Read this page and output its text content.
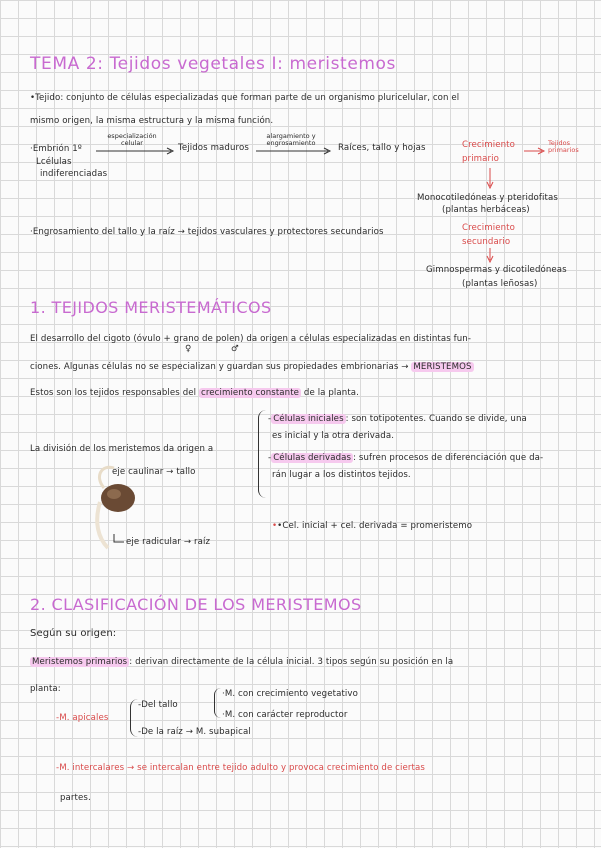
TEMA 2: Tejidos vegetales I: meristemos
•Tejido: conjunto de células especializadas que forman parte de un organismo pluricelular, con el
mismo origen, la misma estructura y la misma función.
·Embrión 1º
Lcélulas
indiferenciadas
especialización celular	Tejidos maduros
alargamiento y engrosamiento	Raíces, tallo y hojas	Crecimiento primario
Tejidos primarios
Monocotiledóneas y pteridofitas
(plantas herbáceas)
·Engrosamiento del tallo y la raíz → tejidos vasculares y protectores secundarios	Crecimiento secundario
Gimnospermas y dicotiledóneas
(plantas leñosas)
1. TEJIDOS MERISTEMÁTICOS
El desarrollo del cigoto (óvulo + grano de polen) da origen a células especializadas en distintas fun-
♀	♂
ciones. Algunas células no se especializan y guardan sus propiedades embrionarias → MERISTEMOS
Estos son los tejidos responsables del crecimiento constante de la planta.
La división de los meristemos da origen a
- Células iniciales : son totipotentes. Cuando se divide, una
es inicial y la otra derivada.
- Células derivadas : sufren procesos de diferenciación que da-
rán lugar a los distintos tejidos.
eje caulinar → tallo
eje radicular → raíz
••Cel. inicial + cel. derivada = promeristemo
2. CLASIFICACIÓN DE LOS MERISTEMOS
Según su origen:
Meristemos primarios : derivan directamente de la célula inicial. 3 tipos según su posición en la
planta:
-M. apicales
-Del tallo
·M. con crecimiento vegetativo
·M. con carácter reproductor
-De la raíz → M. subapical
-M. intercalares → se intercalan entre tejido adulto y provoca crecimiento de ciertas
partes.
